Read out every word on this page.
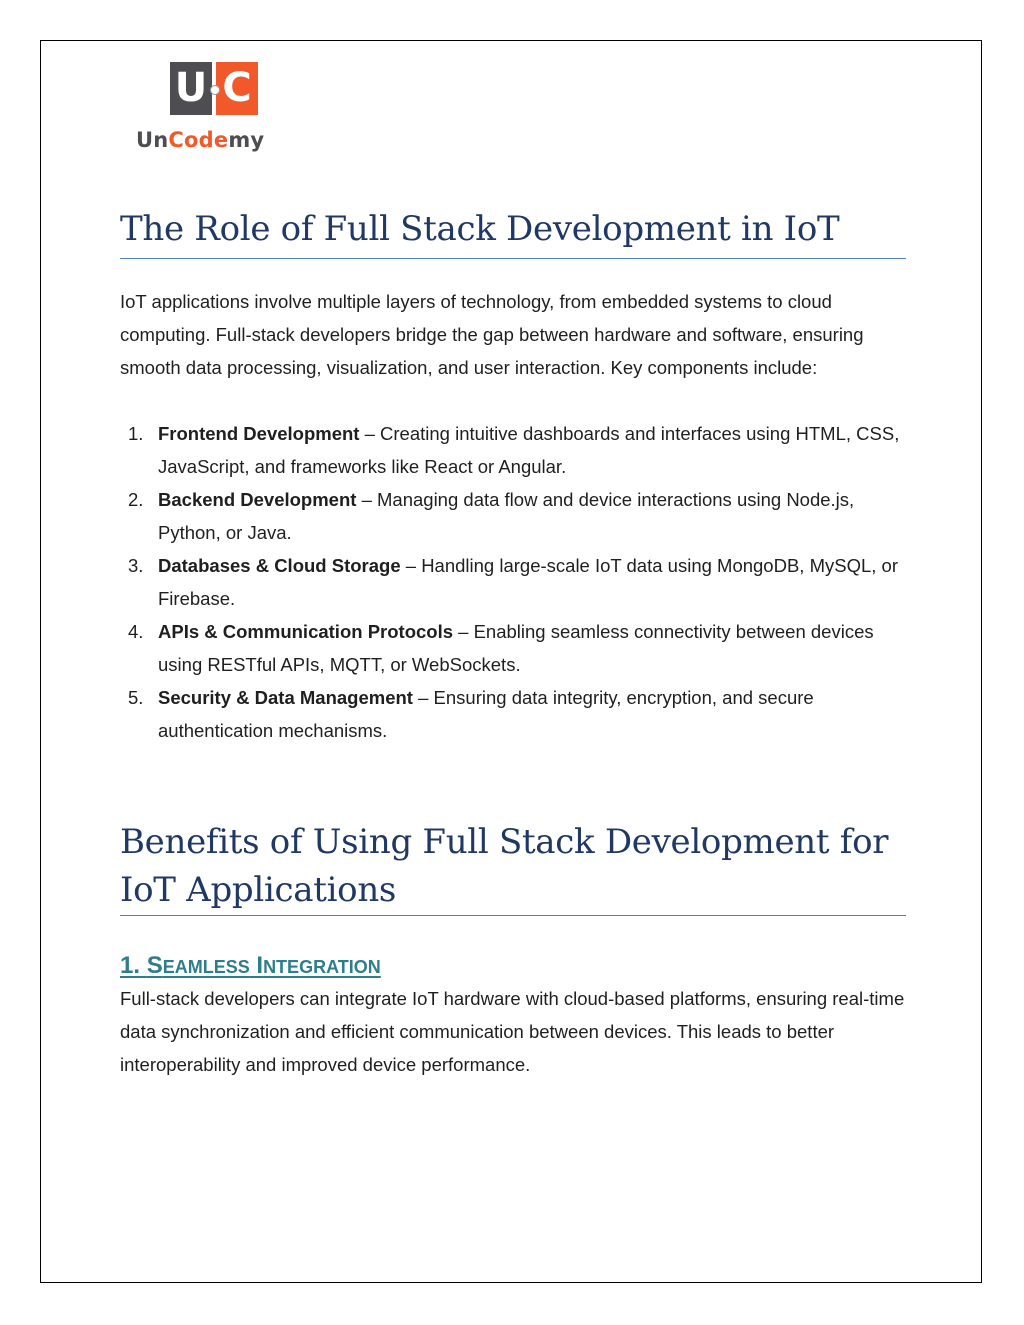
U C
UnCodemy
The Role of Full Stack Development in IoT

IoT applications involve multiple layers of technology, from embedded systems to cloud computing. Full-stack developers bridge the gap between hardware and software, ensuring smooth data processing, visualization, and user interaction. Key components include:

1. Frontend Development – Creating intuitive dashboards and interfaces using HTML, CSS, JavaScript, and frameworks like React or Angular.
2. Backend Development – Managing data flow and device interactions using Node.js, Python, or Java.
3. Databases & Cloud Storage – Handling large-scale IoT data using MongoDB, MySQL, or Firebase.
4. APIs & Communication Protocols – Enabling seamless connectivity between devices using RESTful APIs, MQTT, or WebSockets.
5. Security & Data Management – Ensuring data integrity, encryption, and secure authentication mechanisms.
Benefits of Using Full Stack Development for IoT Applications
1. SEAMLESS INTEGRATION

Full-stack developers can integrate IoT hardware with cloud-based platforms, ensuring real-time data synchronization and efficient communication between devices. This leads to better interoperability and improved device performance.
